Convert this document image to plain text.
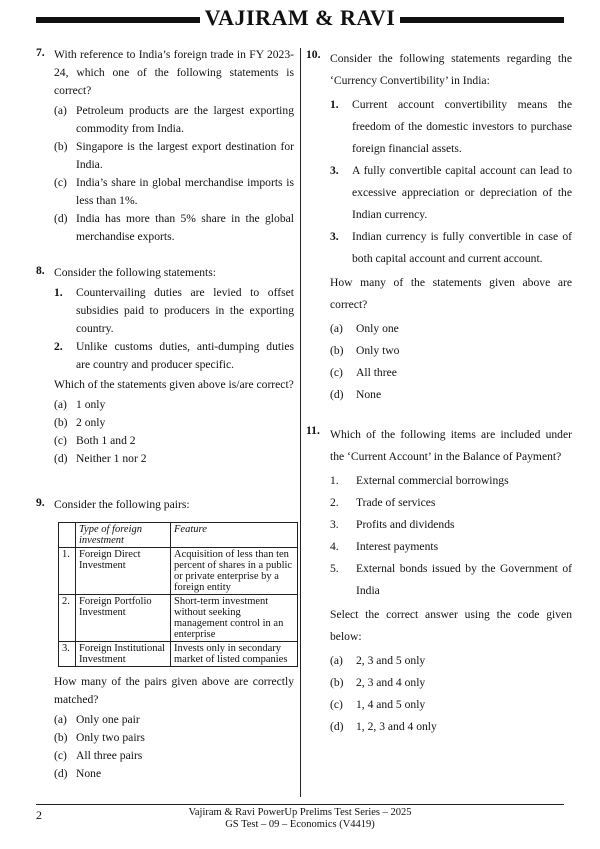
VAJIRAM & RAVI
7. With reference to India’s foreign trade in FY 2023-24, which one of the following statements is correct?
(a) Petroleum products are the largest exporting commodity from India.
(b) Singapore is the largest export destination for India.
(c) India’s share in global merchandise imports is less than 1%.
(d) India has more than 5% share in the global merchandise exports.
8. Consider the following statements:
1. Countervailing duties are levied to offset subsidies paid to producers in the exporting country.
2. Unlike customs duties, anti-dumping duties are country and producer specific.
Which of the statements given above is/are correct?
(a) 1 only
(b) 2 only
(c) Both 1 and 2
(d) Neither 1 nor 2
9. Consider the following pairs:
	Type of foreign investment	Feature
1.	Foreign Direct Investment	Acquisition of less than ten percent of shares in a public or private enterprise by a foreign entity
2.	Foreign Portfolio Investment	Short-term investment without seeking management control in an enterprise
3.	Foreign Institutional Investment	Invests only in secondary market of listed companies
How many of the pairs given above are correctly matched?
(a) Only one pair
(b) Only two pairs
(c) All three pairs
(d) None
10. Consider the following statements regarding the ‘Currency Convertibility’ in India:
1. Current account convertibility means the freedom of the domestic investors to purchase foreign financial assets.
3. A fully convertible capital account can lead to excessive appreciation or depreciation of the Indian currency.
3. Indian currency is fully convertible in case of both capital account and current account.
How many of the statements given above are correct?
(a) Only one
(b) Only two
(c) All three
(d) None
11. Which of the following items are included under the ‘Current Account’ in the Balance of Payment?
1. External commercial borrowings
2. Trade of services
3. Profits and dividends
4. Interest payments
5. External bonds issued by the Government of India
Select the correct answer using the code given below:
(a) 2, 3 and 5 only
(b) 2, 3 and 4 only
(c) 1, 4 and 5 only
(d) 1, 2, 3 and 4 only
2	Vajiram & Ravi PowerUp Prelims Test Series – 2025
GS Test – 09 – Economics (V4419)
